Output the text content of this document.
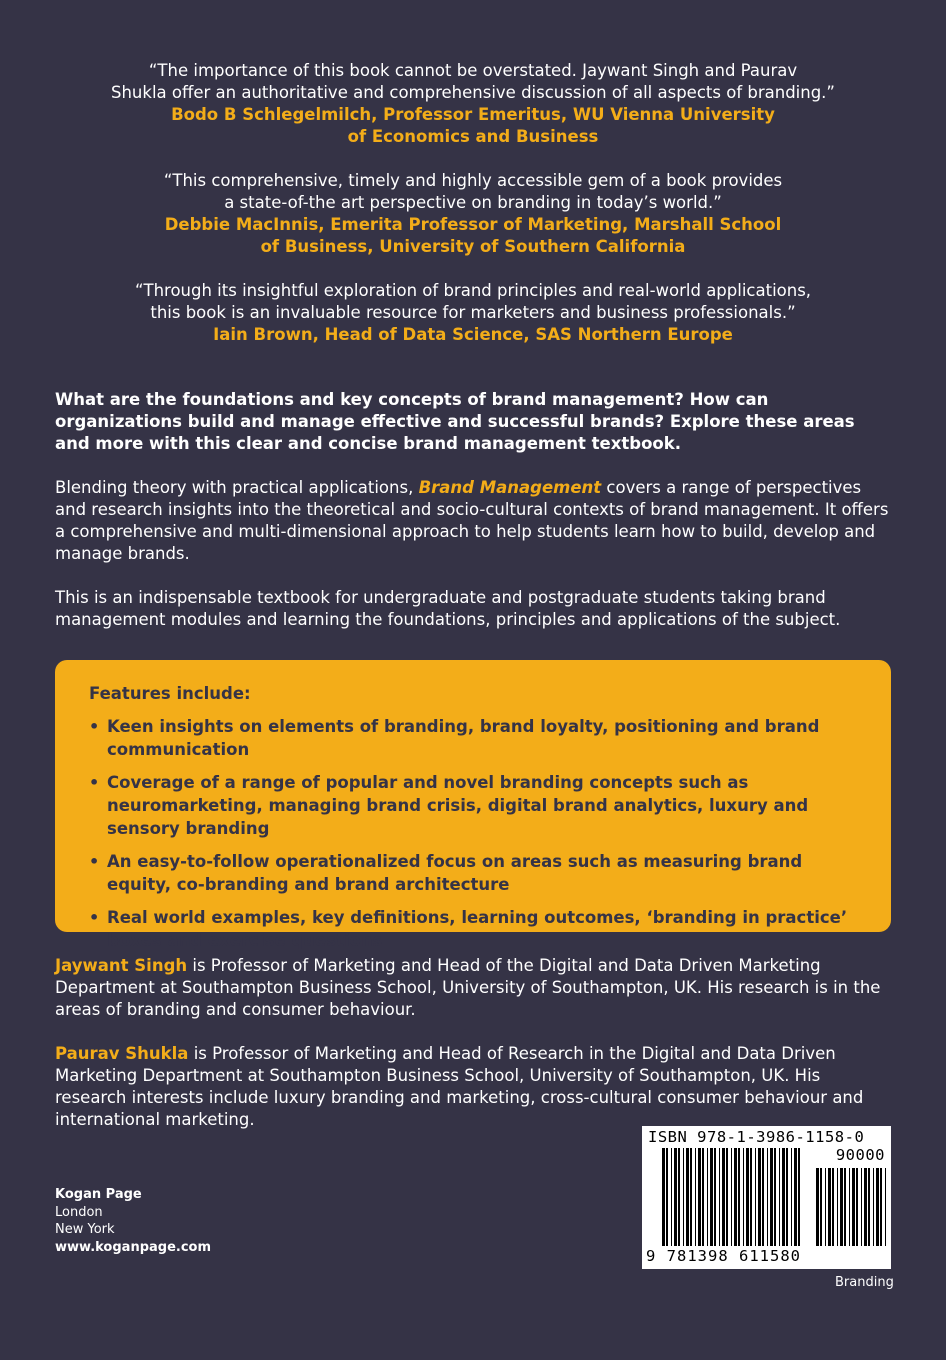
“The importance of this book cannot be overstated. Jaywant Singh and Paurav
Shukla offer an authoritative and comprehensive discussion of all aspects of branding.”
Bodo B Schlegelmilch, Professor Emeritus, WU Vienna University
of Economics and Business
“This comprehensive, timely and highly accessible gem of a book provides
a state-of-the art perspective on branding in today’s world.”
Debbie MacInnis, Emerita Professor of Marketing, Marshall School
of Business, University of Southern California
“Through its insightful exploration of brand principles and real-world applications,
this book is an invaluable resource for marketers and business professionals.”
Iain Brown, Head of Data Science, SAS Northern Europe

What are the foundations and key concepts of brand management? How can organizations build and manage effective and successful brands? Explore these areas and more with this clear and concise brand management textbook.

Blending theory with practical applications, Brand Management covers a range of perspectives and research insights into the theoretical and socio-cultural contexts of brand management. It offers a comprehensive and multi-dimensional approach to help students learn how to build, develop and manage brands.

This is an indispensable textbook for undergraduate and postgraduate students taking brand management modules and learning the foundations, principles and applications of the subject.

Features include:
• Keen insights on elements of branding, brand loyalty, positioning and brand communication
• Coverage of a range of popular and novel branding concepts such as neuromarketing, managing brand crisis, digital brand analytics, luxury and sensory branding
• An easy-to-follow operationalized focus on areas such as measuring brand equity, co-branding and brand architecture
• Real world examples, key definitions, learning outcomes, ‘branding in practice’ boxes and exercise questions

Jaywant Singh is Professor of Marketing and Head of the Digital and Data Driven Marketing Department at Southampton Business School, University of Southampton, UK. His research is in the areas of branding and consumer behaviour.

Paurav Shukla is Professor of Marketing and Head of Research in the Digital and Data Driven Marketing Department at Southampton Business School, University of Southampton, UK. His research interests include luxury branding and marketing, cross-cultural consumer behaviour and international marketing.

Kogan Page
London
New York
www.koganpage.com
ISBN 978-1-3986-1158-0
90000
9 781398 611580
Branding
